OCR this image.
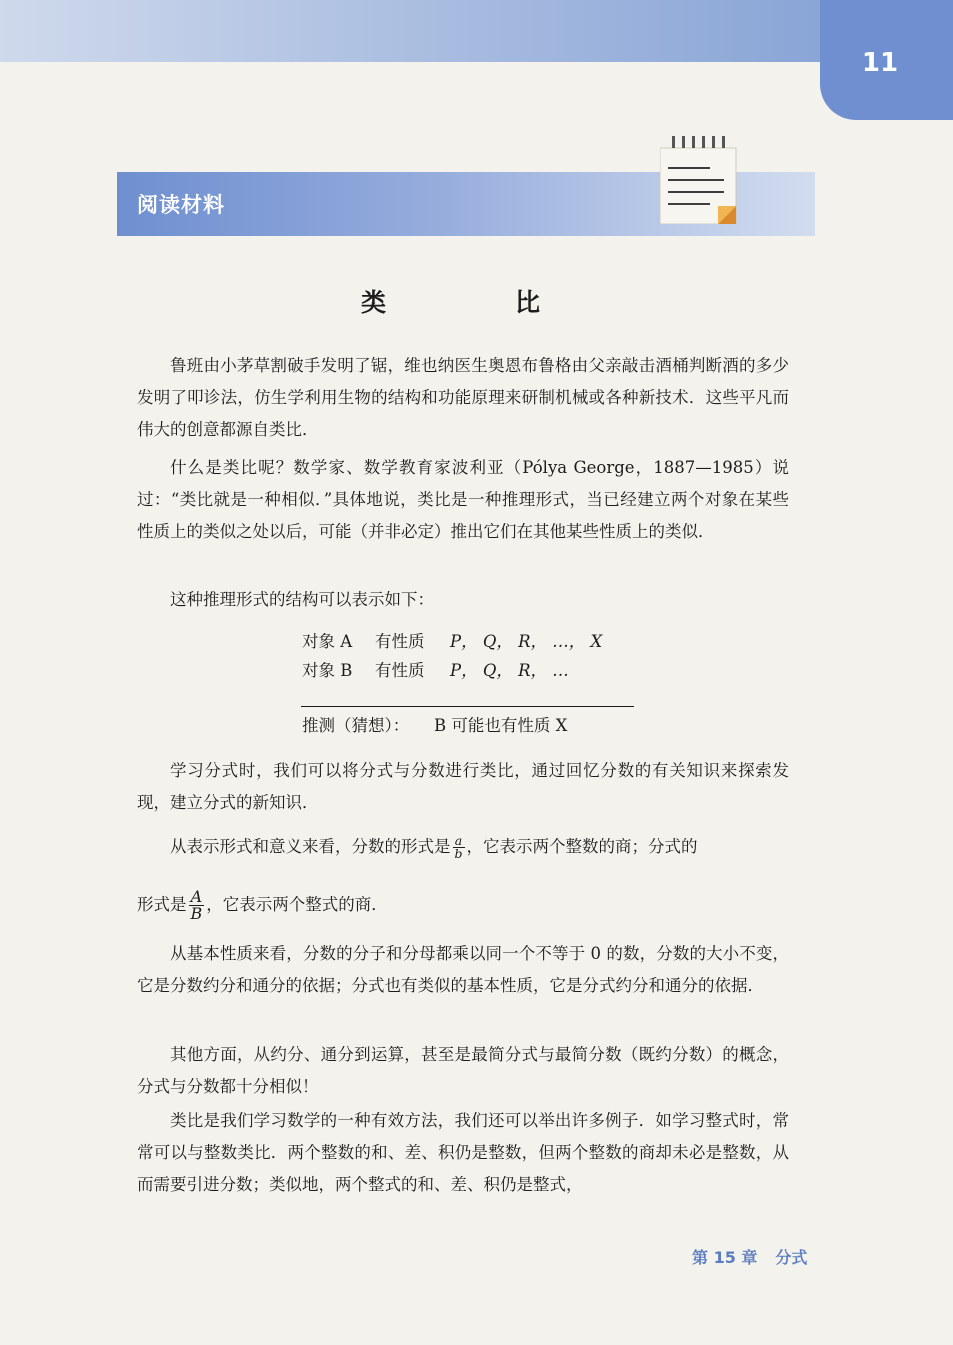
11
阅读材料
类　比

鲁班由小茅草割破手发明了锯，维也纳医生奥恩布鲁格由父亲敲击酒桶判断酒的多少发明了叩诊法，仿生学利用生物的结构和功能原理来研制机械或各种新技术．这些平凡而伟大的创意都源自类比．

什么是类比呢？数学家、数学教育家波利亚（Pólya George，1887—1985）说过：“类比就是一种相似．”具体地说，类比是一种推理形式，当已经建立两个对象在某些性质上的类似之处以后，可能（并非必定）推出它们在其他某些性质上的类似．

这种推理形式的结构可以表示如下：

对象 A 有性质 P， Q， R， …， X
对象 B 有性质 P， Q， R， …
推测（猜想）： B 可能也有性质 X

学习分式时，我们可以将分式与分数进行类比，通过回忆分数的有关知识来探索发现，建立分式的新知识．

从表示形式和意义来看，分数的形式是 $\frac{a}{b}$ ，它表示两个整数的商；分式的
形式是 $\frac{A}{B}$ ，它表示两个整式的商．

从基本性质来看，分数的分子和分母都乘以同一个不等于 0 的数，分数的大小不变，它是分数约分和通分的依据；分式也有类似的基本性质，它是分式约分和通分的依据．

其他方面，从约分、通分到运算，甚至是最简分式与最简分数（既约分数）的概念，分式与分数都十分相似！

类比是我们学习数学的一种有效方法，我们还可以举出许多例子．如学习整式时，常常可以与整数类比．两个整数的和、差、积仍是整数，但两个整数的商却未必是整数，从而需要引进分数；类似地，两个整式的和、差、积仍是整式，

第 15 章 分式
